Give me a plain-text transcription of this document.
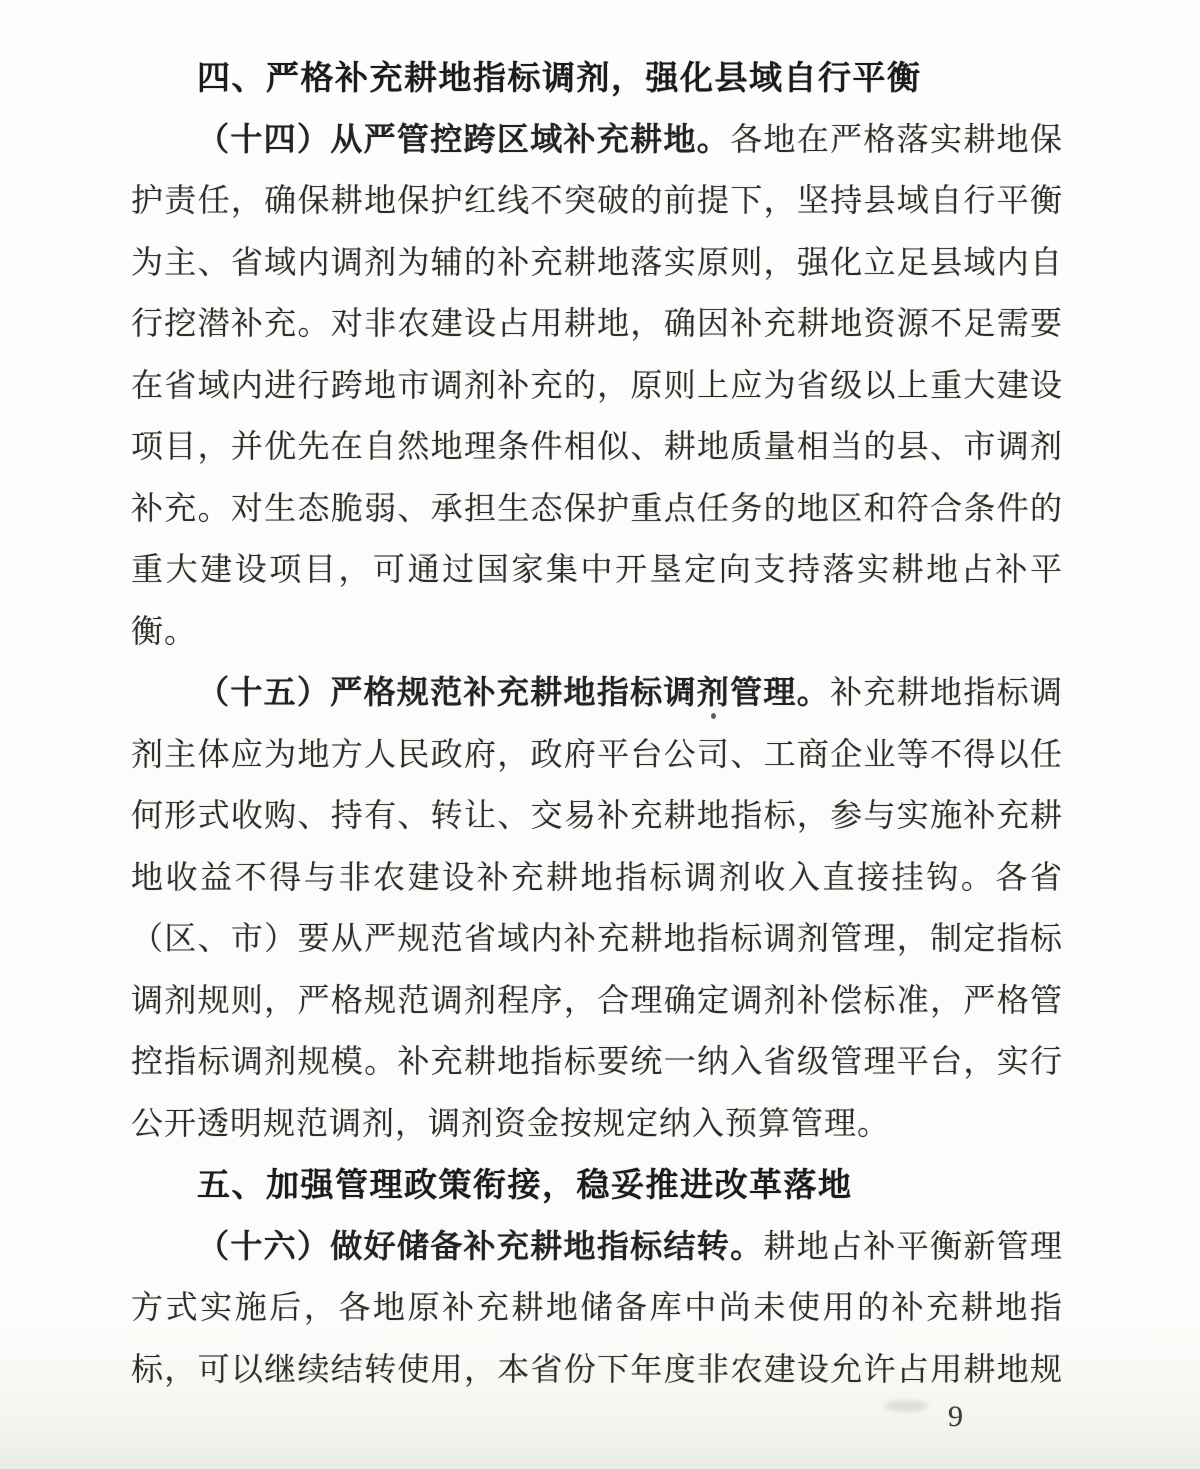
四、严格补充耕地指标调剂，强化县域自行平衡
（十四）从严管控跨区域补充耕地。各地在严格落实耕地保
护责任，确保耕地保护红线不突破的前提下，坚持县域自行平衡
为主、省域内调剂为辅的补充耕地落实原则，强化立足县域内自
行挖潜补充。对非农建设占用耕地，确因补充耕地资源不足需要
在省域内进行跨地市调剂补充的，原则上应为省级以上重大建设
项目，并优先在自然地理条件相似、耕地质量相当的县、市调剂
补充。对生态脆弱、承担生态保护重点任务的地区和符合条件的
重大建设项目，可通过国家集中开垦定向支持落实耕地占补平
衡。
（十五）严格规范补充耕地指标调剂管理。补充耕地指标调
剂主体应为地方人民政府，政府平台公司、工商企业等不得以任
何形式收购、持有、转让、交易补充耕地指标，参与实施补充耕
地收益不得与非农建设补充耕地指标调剂收入直接挂钩。各省
（区、市）要从严规范省域内补充耕地指标调剂管理，制定指标
调剂规则，严格规范调剂程序，合理确定调剂补偿标准，严格管
控指标调剂规模。补充耕地指标要统一纳入省级管理平台，实行
公开透明规范调剂，调剂资金按规定纳入预算管理。
五、加强管理政策衔接，稳妥推进改革落地
（十六）做好储备补充耕地指标结转。耕地占补平衡新管理
方式实施后，各地原补充耕地储备库中尚未使用的补充耕地指
标，可以继续结转使用，本省份下年度非农建设允许占用耕地规
9
